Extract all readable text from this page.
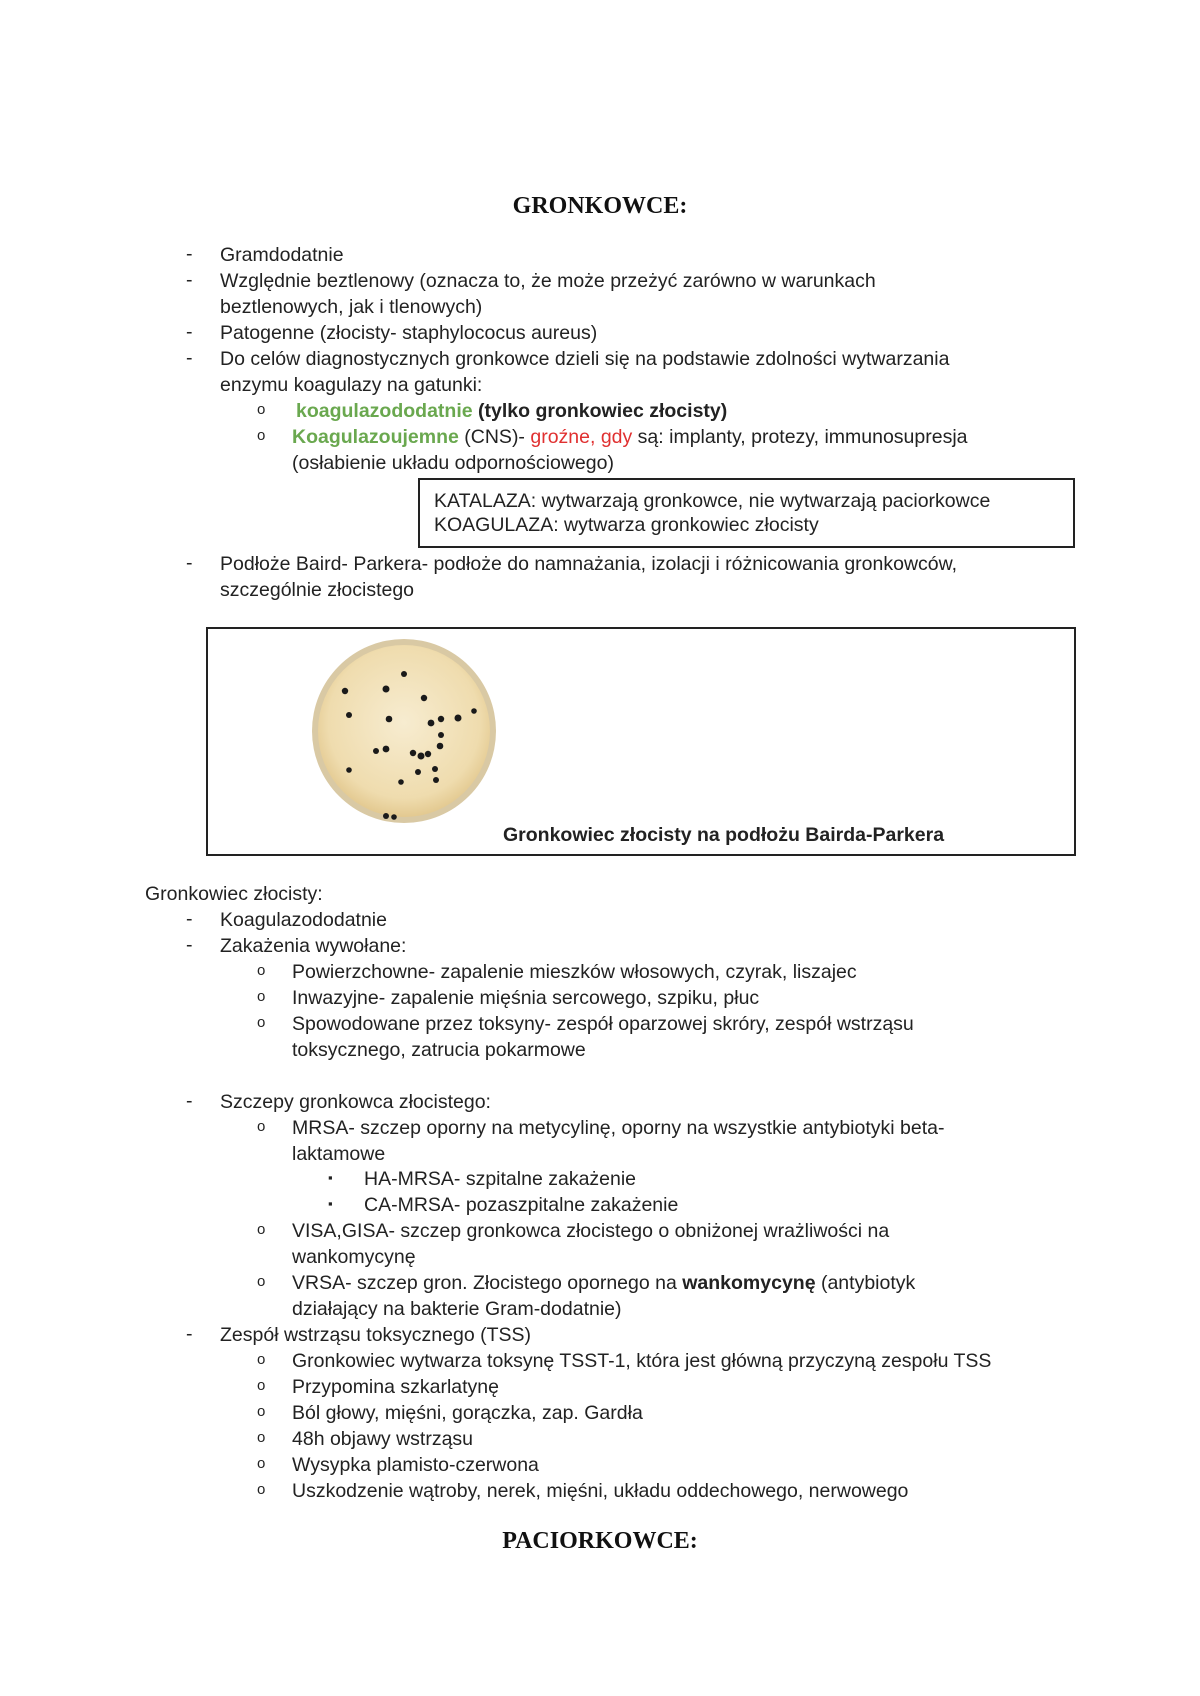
GRONKOWCE:
- Gramdodatnie
- Względnie beztlenowy (oznacza to, że może przeżyć zarówno w warunkach
beztlenowych, jak i tlenowych)
- Patogenne (złocisty- staphylococus aureus)
- Do celów diagnostycznych gronkowce dzieli się na podstawie zdolności wytwarzania
enzymu koagulazy na gatunki:
o koagulazododatnie (tylko gronkowiec złocisty)
o Koagulazoujemne (CNS)- groźne, gdy są: implanty, protezy, immunosupresja
(osłabienie układu odpornościowego)
KATALAZA: wytwarzają gronkowce, nie wytwarzają paciorkowce
KOAGULAZA: wytwarza gronkowiec złocisty
- Podłoże Baird- Parkera- podłoże do namnażania, izolacji i różnicowania gronkowców,
szczególnie złocistego
Gronkowiec złocisty na podłożu Bairda-Parkera
Gronkowiec złocisty:
- Koagulazododatnie
- Zakażenia wywołane:
o Powierzchowne- zapalenie mieszków włosowych, czyrak, liszajec
o Inwazyjne- zapalenie mięśnia sercowego, szpiku, płuc
o Spowodowane przez toksyny- zespół oparzowej skróry, zespół wstrząsu
toksycznego, zatrucia pokarmowe
- Szczepy gronkowca złocistego:
o MRSA- szczep oporny na metycylinę, oporny na wszystkie antybiotyki beta-
laktamowe
▪ HA-MRSA- szpitalne zakażenie
▪ CA-MRSA- pozaszpitalne zakażenie
o VISA,GISA- szczep gronkowca złocistego o obniżonej wrażliwości na
wankomycynę
o VRSA- szczep gron. Złocistego opornego na wankomycynę (antybiotyk
działający na bakterie Gram-dodatnie)
- Zespół wstrząsu toksycznego (TSS)
o Gronkowiec wytwarza toksynę TSST-1, która jest główną przyczyną zespołu TSS
o Przypomina szkarlatynę
o Ból głowy, mięśni, gorączka, zap. Gardła
o 48h objawy wstrząsu
o Wysypka plamisto-czerwona
o Uszkodzenie wątroby, nerek, mięśni, układu oddechowego, nerwowego
PACIORKOWCE:
